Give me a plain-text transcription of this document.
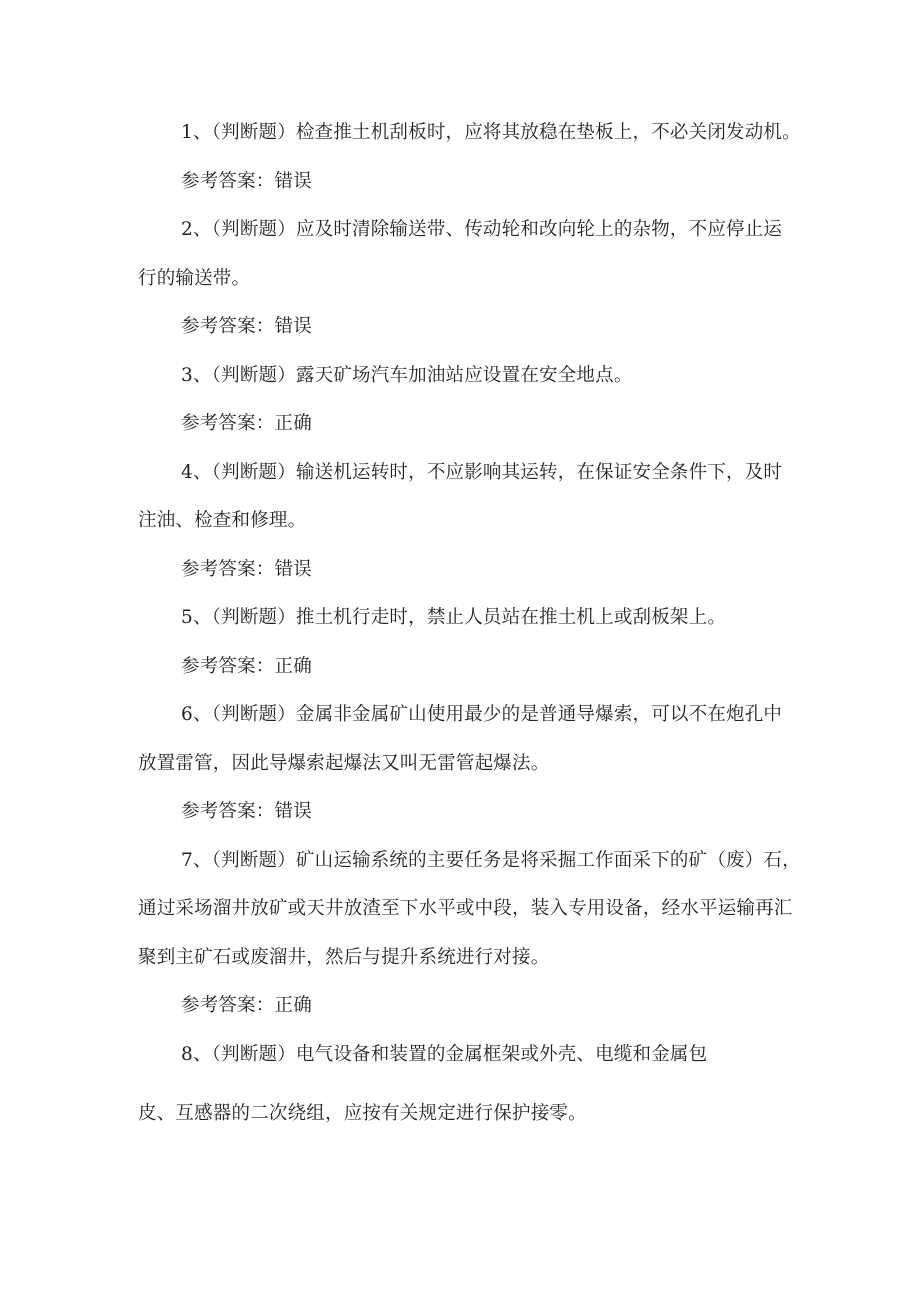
1、（判断题）检查推土机刮板时，应将其放稳在垫板上，不必关闭发动机。
参考答案：错误
2、（判断题）应及时清除输送带、传动轮和改向轮上的杂物，不应停止运
行的输送带。
参考答案：错误
3、（判断题）露天矿场汽车加油站应设置在安全地点。
参考答案：正确
4、（判断题）输送机运转时，不应影响其运转，在保证安全条件下，及时
注油、检查和修理。
参考答案：错误
5、（判断题）推土机行走时，禁止人员站在推土机上或刮板架上。
参考答案：正确
6、（判断题）金属非金属矿山使用最少的是普通导爆索，可以不在炮孔中
放置雷管，因此导爆索起爆法又叫无雷管起爆法。
参考答案：错误
7、（判断题）矿山运输系统的主要任务是将采掘工作面采下的矿（废）石，
通过采场溜井放矿或天井放渣至下水平或中段，装入专用设备，经水平运输再汇
聚到主矿石或废溜井，然后与提升系统进行对接。
参考答案：正确
8、（判断题）电气设备和装置的金属框架或外壳、电缆和金属包
皮、互感器的二次绕组，应按有关规定进行保护接零。
